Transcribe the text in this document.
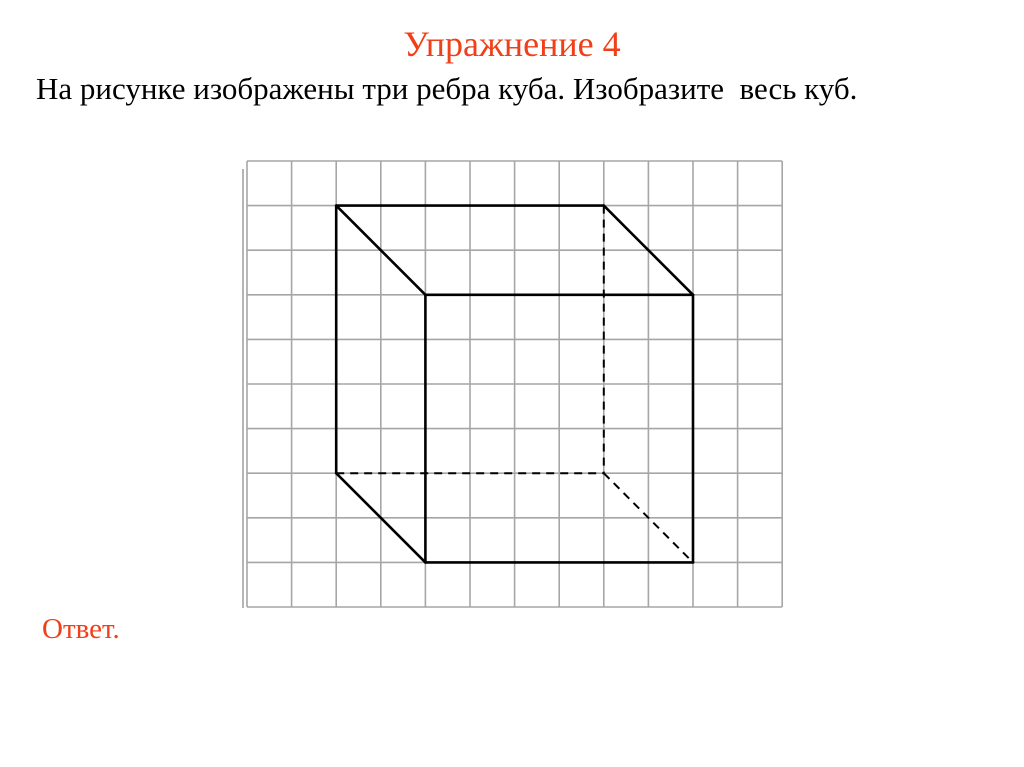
Упражнение 4
На рисунке изображены три ребра куба. Изобразите  весь куб.
Ответ.
